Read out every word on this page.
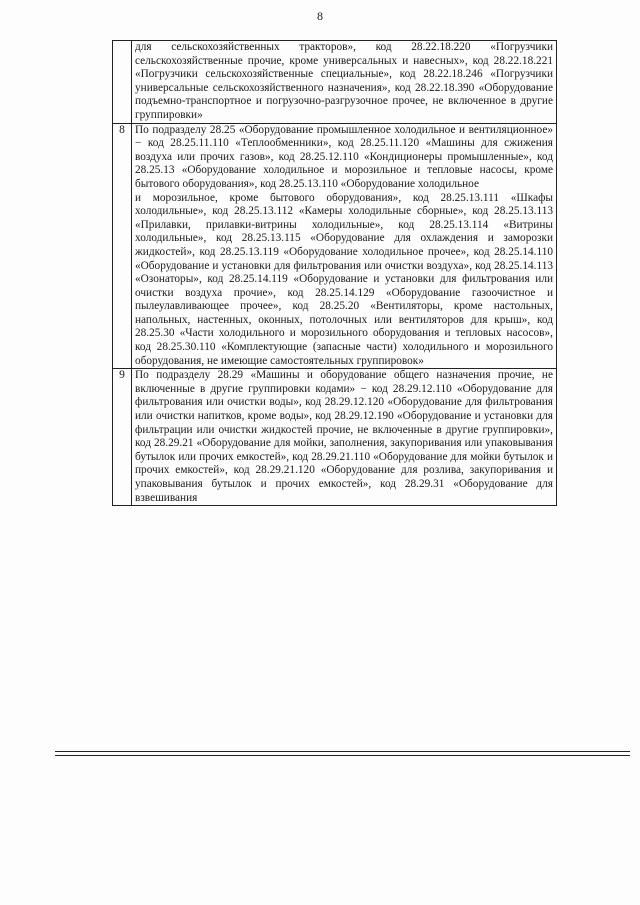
8

	для сельскохозяйственных тракторов», код 28.22.18.220 «Погрузчики сельскохозяйственные прочие, кроме универсальных и навесных», код 28.22.18.221 «Погрузчики сельскохозяйственные специальные», код 28.22.18.246 «Погрузчики универсальные сельскохозяйственного назначения», код 28.22.18.390 «Оборудование подъемно-транспортное и погрузочно-разгрузочное прочее, не включенное в другие группировки»

8	По подразделу 28.25 «Оборудование промышленное холодильное и вентиляционное» − код 28.25.11.110 «Теплообменники», код 28.25.11.120 «Машины для сжижения воздуха или прочих газов», код 28.25.12.110 «Кондиционеры промышленные», код 28.25.13 «Оборудование холодильное и морозильное и тепловые насосы, кроме бытового оборудования», код 28.25.13.110 «Оборудование холодильное

и морозильное, кроме бытового оборудования», код 28.25.13.111 «Шкафы холодильные», код 28.25.13.112 «Камеры холодильные сборные», код 28.25.13.113 «Прилавки, прилавки-витрины холодильные», код 28.25.13.114 «Витрины холодильные», код 28.25.13.115 «Оборудование для охлаждения и заморозки жидкостей», код 28.25.13.119 «Оборудование холодильное прочее», код 28.25.14.110 «Оборудование и установки для фильтрования или очистки воздуха», код 28.25.14.113 «Озонаторы», код 28.25.14.119 «Оборудование и установки для фильтрования или очистки воздуха прочие», код 28.25.14.129 «Оборудование газоочистное и пылеулавливающее прочее», код 28.25.20 «Вентиляторы, кроме настольных, напольных, настенных, оконных, потолочных или вентиляторов для крыш», код 28.25.30 «Части холодильного и морозильного оборудования и тепловых насосов», код 28.25.30.110 «Комплектующие (запасные части) холодильного и морозильного оборудования, не имеющие самостоятельных группировок»

9	По подразделу 28.29 «Машины и оборудование общего назначения прочие, не включенные в другие группировки кодами» − код 28.29.12.110 «Оборудование для фильтрования или очистки воды», код 28.29.12.120 «Оборудование для фильтрования или очистки напитков, кроме воды», код 28.29.12.190 «Оборудование и установки для фильтрации или очистки жидкостей прочие, не включенные в другие группировки», код 28.29.21 «Оборудование для мойки, заполнения, закупоривания или упаковывания бутылок или прочих емкостей», код 28.29.21.110 «Оборудование для мойки бутылок и прочих емкостей», код 28.29.21.120 «Оборудование для розлива, закупоривания и упаковывания бутылок и прочих емкостей», код 28.29.31 «Оборудование для взвешивания
